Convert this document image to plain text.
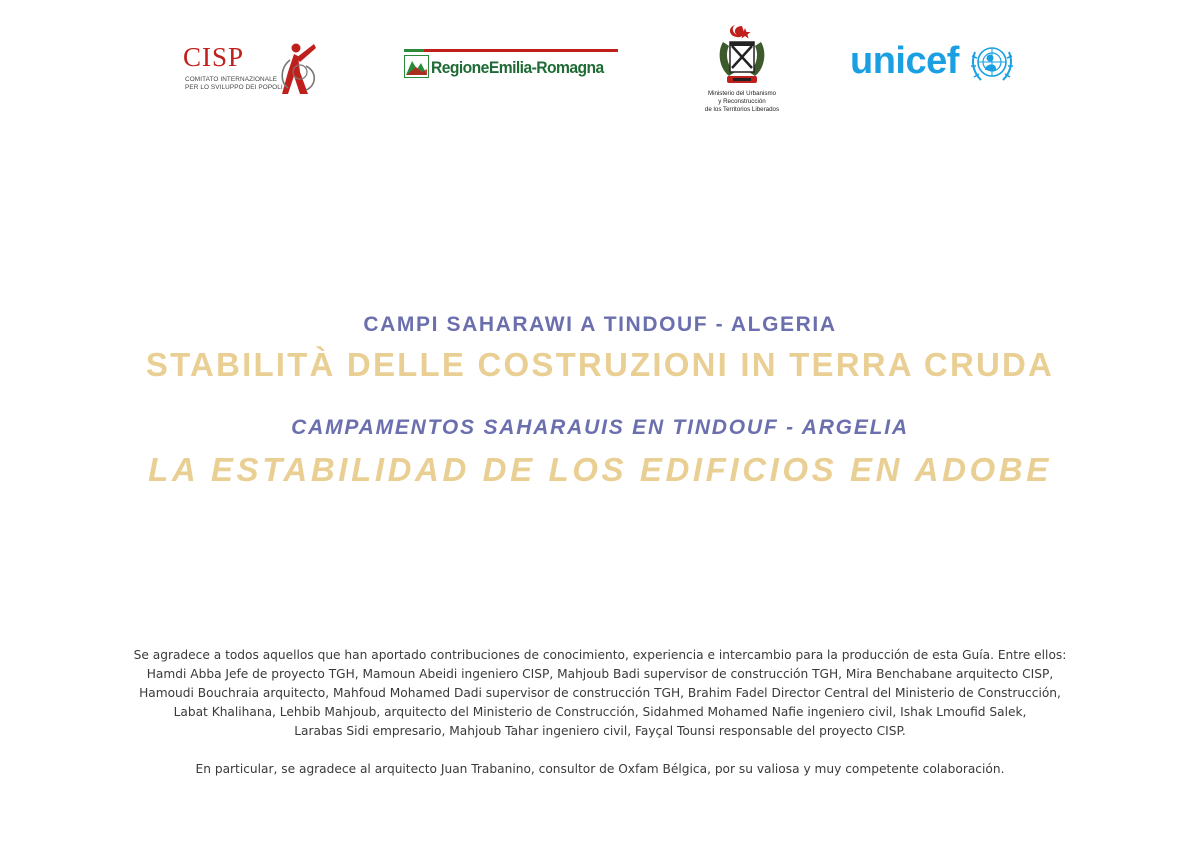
CISP
COMITATO INTERNAZIONALE
PER LO SVILUPPO DEI POPOLI
RegioneEmilia-Romagna
Ministerio del Urbanismo
y Reconstrucción
de los Territorios Liberados
unicef
CAMPI SAHARAWI A TINDOUF - ALGERIA
STABILITÀ DELLE COSTRUZIONI IN TERRA CRUDA
CAMPAMENTOS SAHARAUIS EN TINDOUF - ARGELIA
LA ESTABILIDAD DE LOS EDIFICIOS EN ADOBE

Se agradece a todos aquellos que han aportado contribuciones de conocimiento, experiencia e intercambio para la producción de esta Guía. Entre ellos:

Hamdi Abba Jefe de proyecto TGH, Mamoun Abeidi ingeniero CISP, Mahjoub Badi supervisor de construcción TGH, Mira Benchabane arquitecto CISP,

Hamoudi Bouchraia arquitecto, Mahfoud Mohamed Dadi supervisor de construcción TGH, Brahim Fadel Director Central del Ministerio de Construcción,

Labat Khalihana, Lehbib Mahjoub, arquitecto del Ministerio de Construcción, Sidahmed Mohamed Nafie ingeniero civil, Ishak Lmoufid Salek,

Larabas Sidi empresario, Mahjoub Tahar ingeniero civil, Fayçal Tounsi responsable del proyecto CISP.

En particular, se agradece al arquitecto Juan Trabanino, consultor de Oxfam Bélgica, por su valiosa y muy competente colaboración.
